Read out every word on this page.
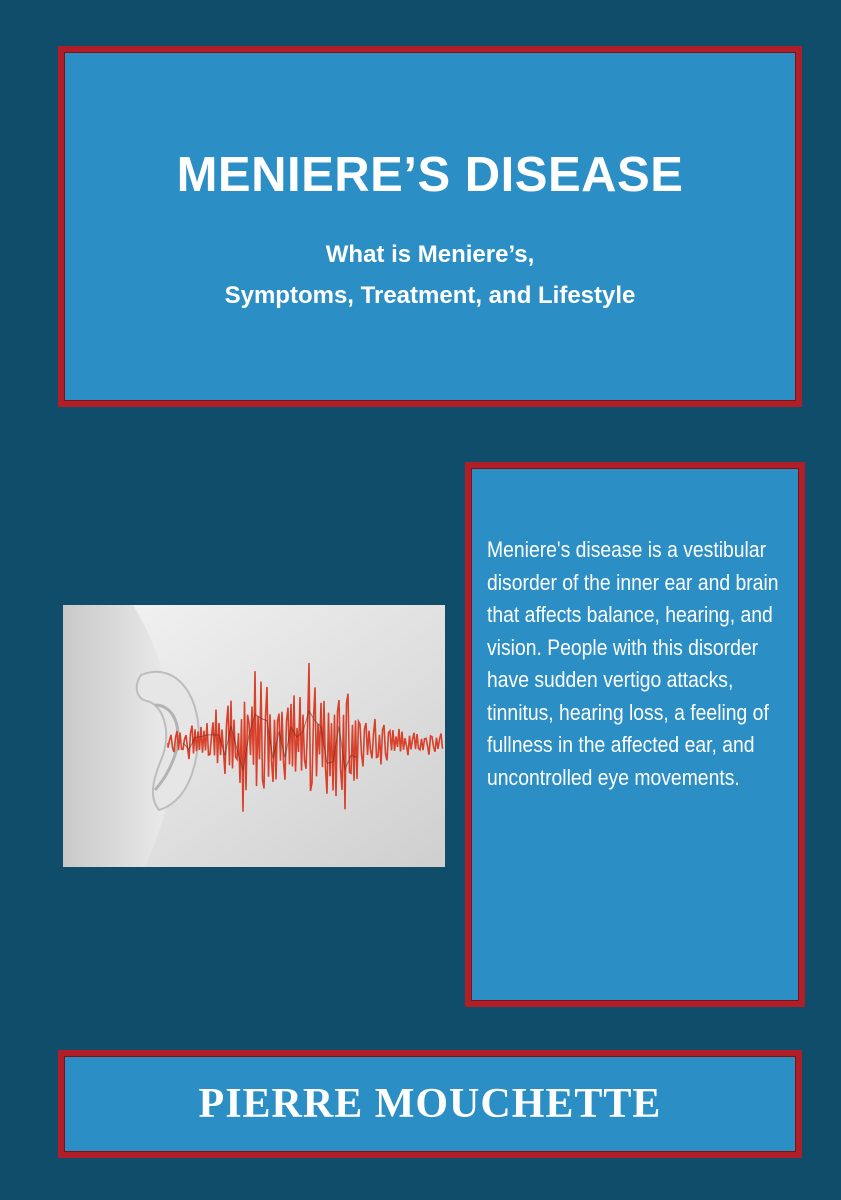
MENIERE’S DISEASE
What is Meniere’s,
Symptoms, Treatment, and Lifestyle
Meniere's disease is a vestibular disorder of the inner ear and brain that affects balance, hearing, and vision. People with this disorder have sudden vertigo attacks, tinnitus, hearing loss, a feeling of fullness in the affected ear, and uncontrolled eye movements.
PIERRE MOUCHETTE
